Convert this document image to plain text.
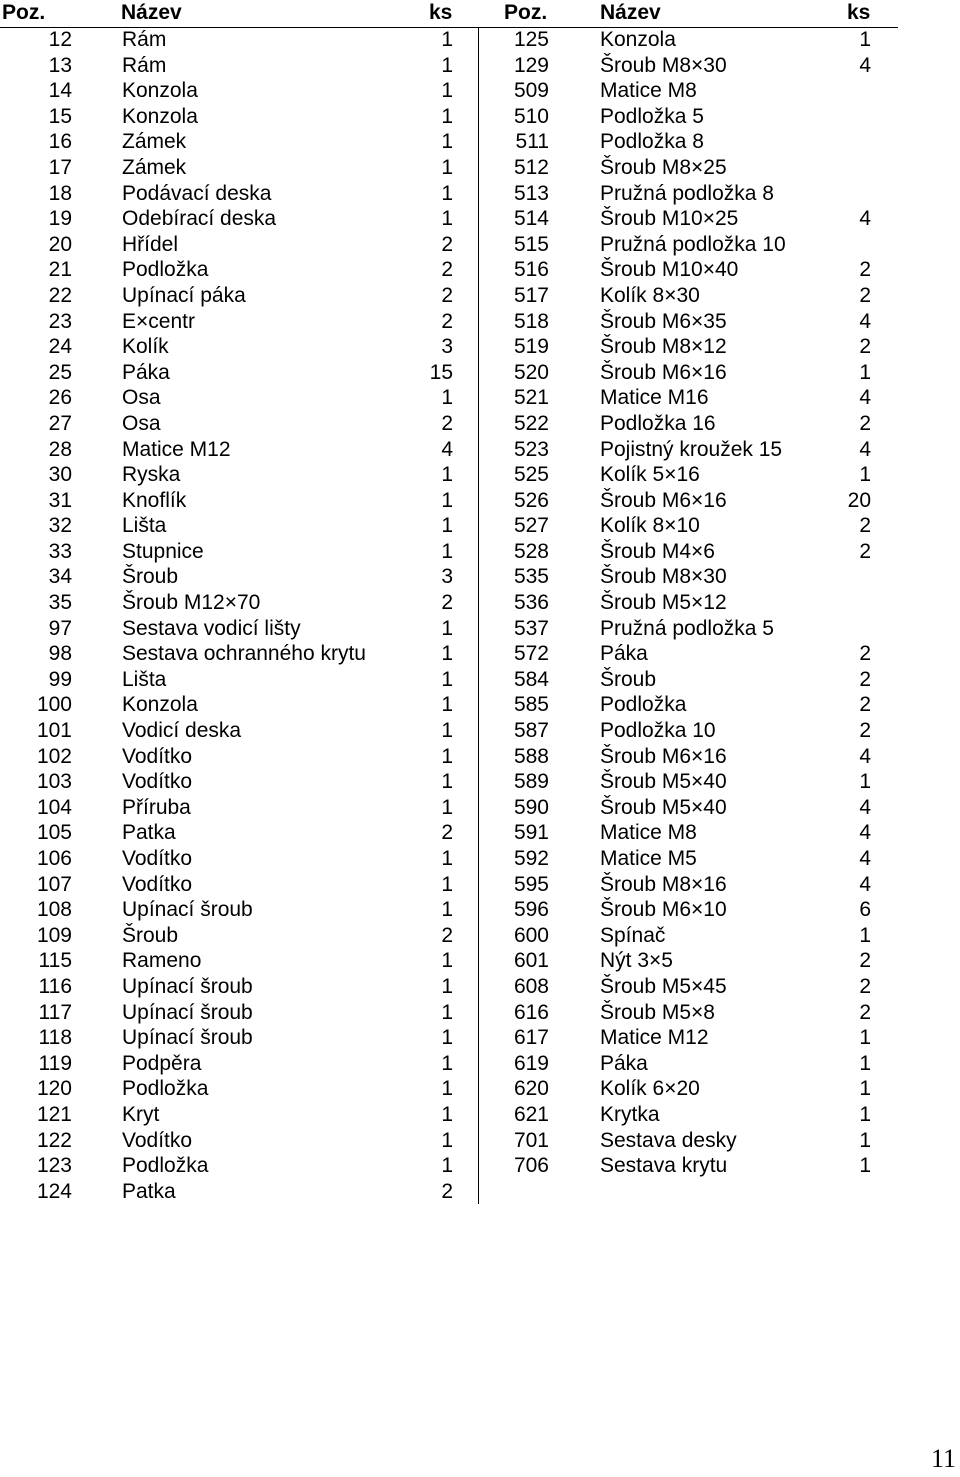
Poz.	Název	ks Poz.	Název	ks
12 Rám	1
13 Rám	1
14 Konzola	1
15 Konzola	1
16 Zámek	1
17 Zámek	1
18 Podávací deska	1
19 Odebírací deska	1
20 Hřídel	2
21 Podložka	2
22 Upínací páka	2
23 E×centr	2
24 Kolík	3
25 Páka	15
26 Osa	1
27 Osa	2
28 Matice M12	4
30 Ryska	1
31 Knoflík	1
32 Lišta	1
33 Stupnice	1
34 Šroub	3
35 Šroub M12×70	2
97 Sestava vodicí lišty	1
98 Sestava ochranného krytu	1
99 Lišta	1
100 Konzola	1
101 Vodicí deska	1
102 Vodítko	1
103 Vodítko	1
104 Příruba	1
105 Patka	2
106 Vodítko	1
107 Vodítko	1
108 Upínací šroub	1
109 Šroub	2
115 Rameno	1
116 Upínací šroub	1
117 Upínací šroub	1
118 Upínací šroub	1
119 Podpěra	1
120 Podložka	1
121 Kryt	1
122 Vodítko	1
123 Podložka	1
124 Patka	2
125 Konzola	1
129 Šroub M8×30	4
509 Matice M8
510 Podložka 5
511 Podložka 8
512 Šroub M8×25
513 Pružná podložka 8
514 Šroub M10×25	4
515 Pružná podložka 10
516 Šroub M10×40	2
517 Kolík 8×30	2
518 Šroub M6×35	4
519 Šroub M8×12	2
520 Šroub M6×16	1
521 Matice M16	4
522 Podložka 16	2
523 Pojistný kroužek 15	4
525 Kolík 5×16	1
526 Šroub M6×16	20
527 Kolík 8×10	2
528 Šroub M4×6	2
535 Šroub M8×30
536 Šroub M5×12
537 Pružná podložka 5
572 Páka	2
584 Šroub	2
585 Podložka	2
587 Podložka 10	2
588 Šroub M6×16	4
589 Šroub M5×40	1
590 Šroub M5×40	4
591 Matice M8	4
592 Matice M5	4
595 Šroub M8×16	4
596 Šroub M6×10	6
600 Spínač	1
601 Nýt 3×5	2
608 Šroub M5×45	2
616 Šroub M5×8	2
617 Matice M12	1
619 Páka	1
620 Kolík 6×20	1
621 Krytka	1
701 Sestava desky	1
706 Sestava krytu	1
11
